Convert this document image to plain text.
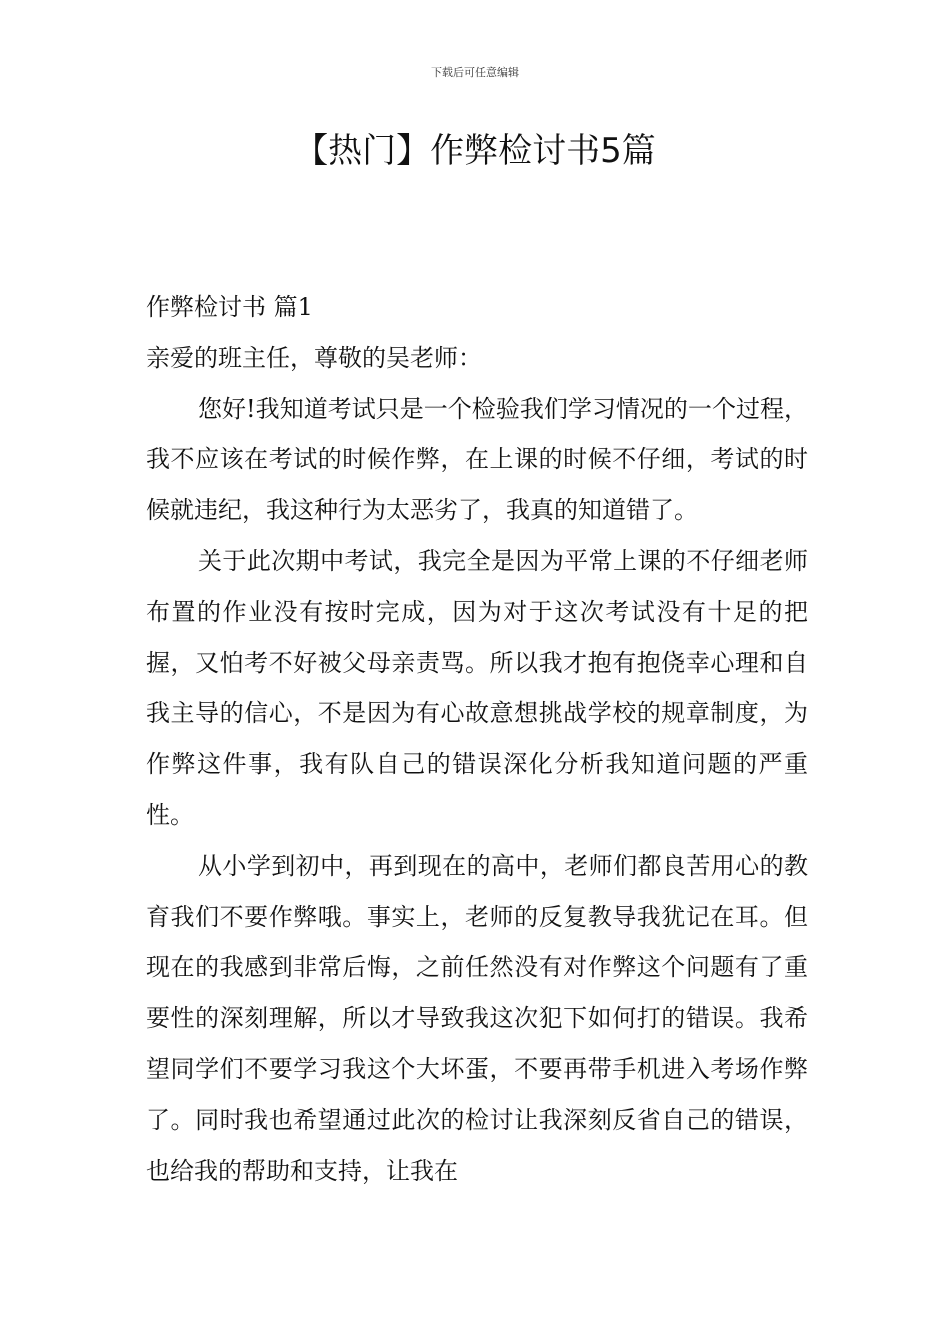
下载后可任意编辑
【热门】作弊检讨书5篇

作弊检讨书 篇1

亲爱的班主任，尊敬的吴老师：

您好!我知道考试只是一个检验我们学习情况的一个过程，我不应该在考试的时候作弊，在上课的时候不仔细，考试的时候就违纪，我这种行为太恶劣了，我真的知道错了。

关于此次期中考试，我完全是因为平常上课的不仔细老师布置的作业没有按时完成，因为对于这次考试没有十足的把握，又怕考不好被父母亲责骂。所以我才抱有抱侥幸心理和自我主导的信心，不是因为有心故意想挑战学校的规章制度，为作弊这件事，我有队自己的错误深化分析我知道问题的严重性。

从小学到初中，再到现在的高中，老师们都良苦用心的教育我们不要作弊哦。事实上，老师的反复教导我犹记在耳。但现在的我感到非常后悔，之前任然没有对作弊这个问题有了重要性的深刻理解，所以才导致我这次犯下如何打的错误。我希望同学们不要学习我这个大坏蛋，不要再带手机进入考场作弊了。同时我也希望通过此次的检讨让我深刻反省自己的错误，也给我的帮助和支持，让我在
